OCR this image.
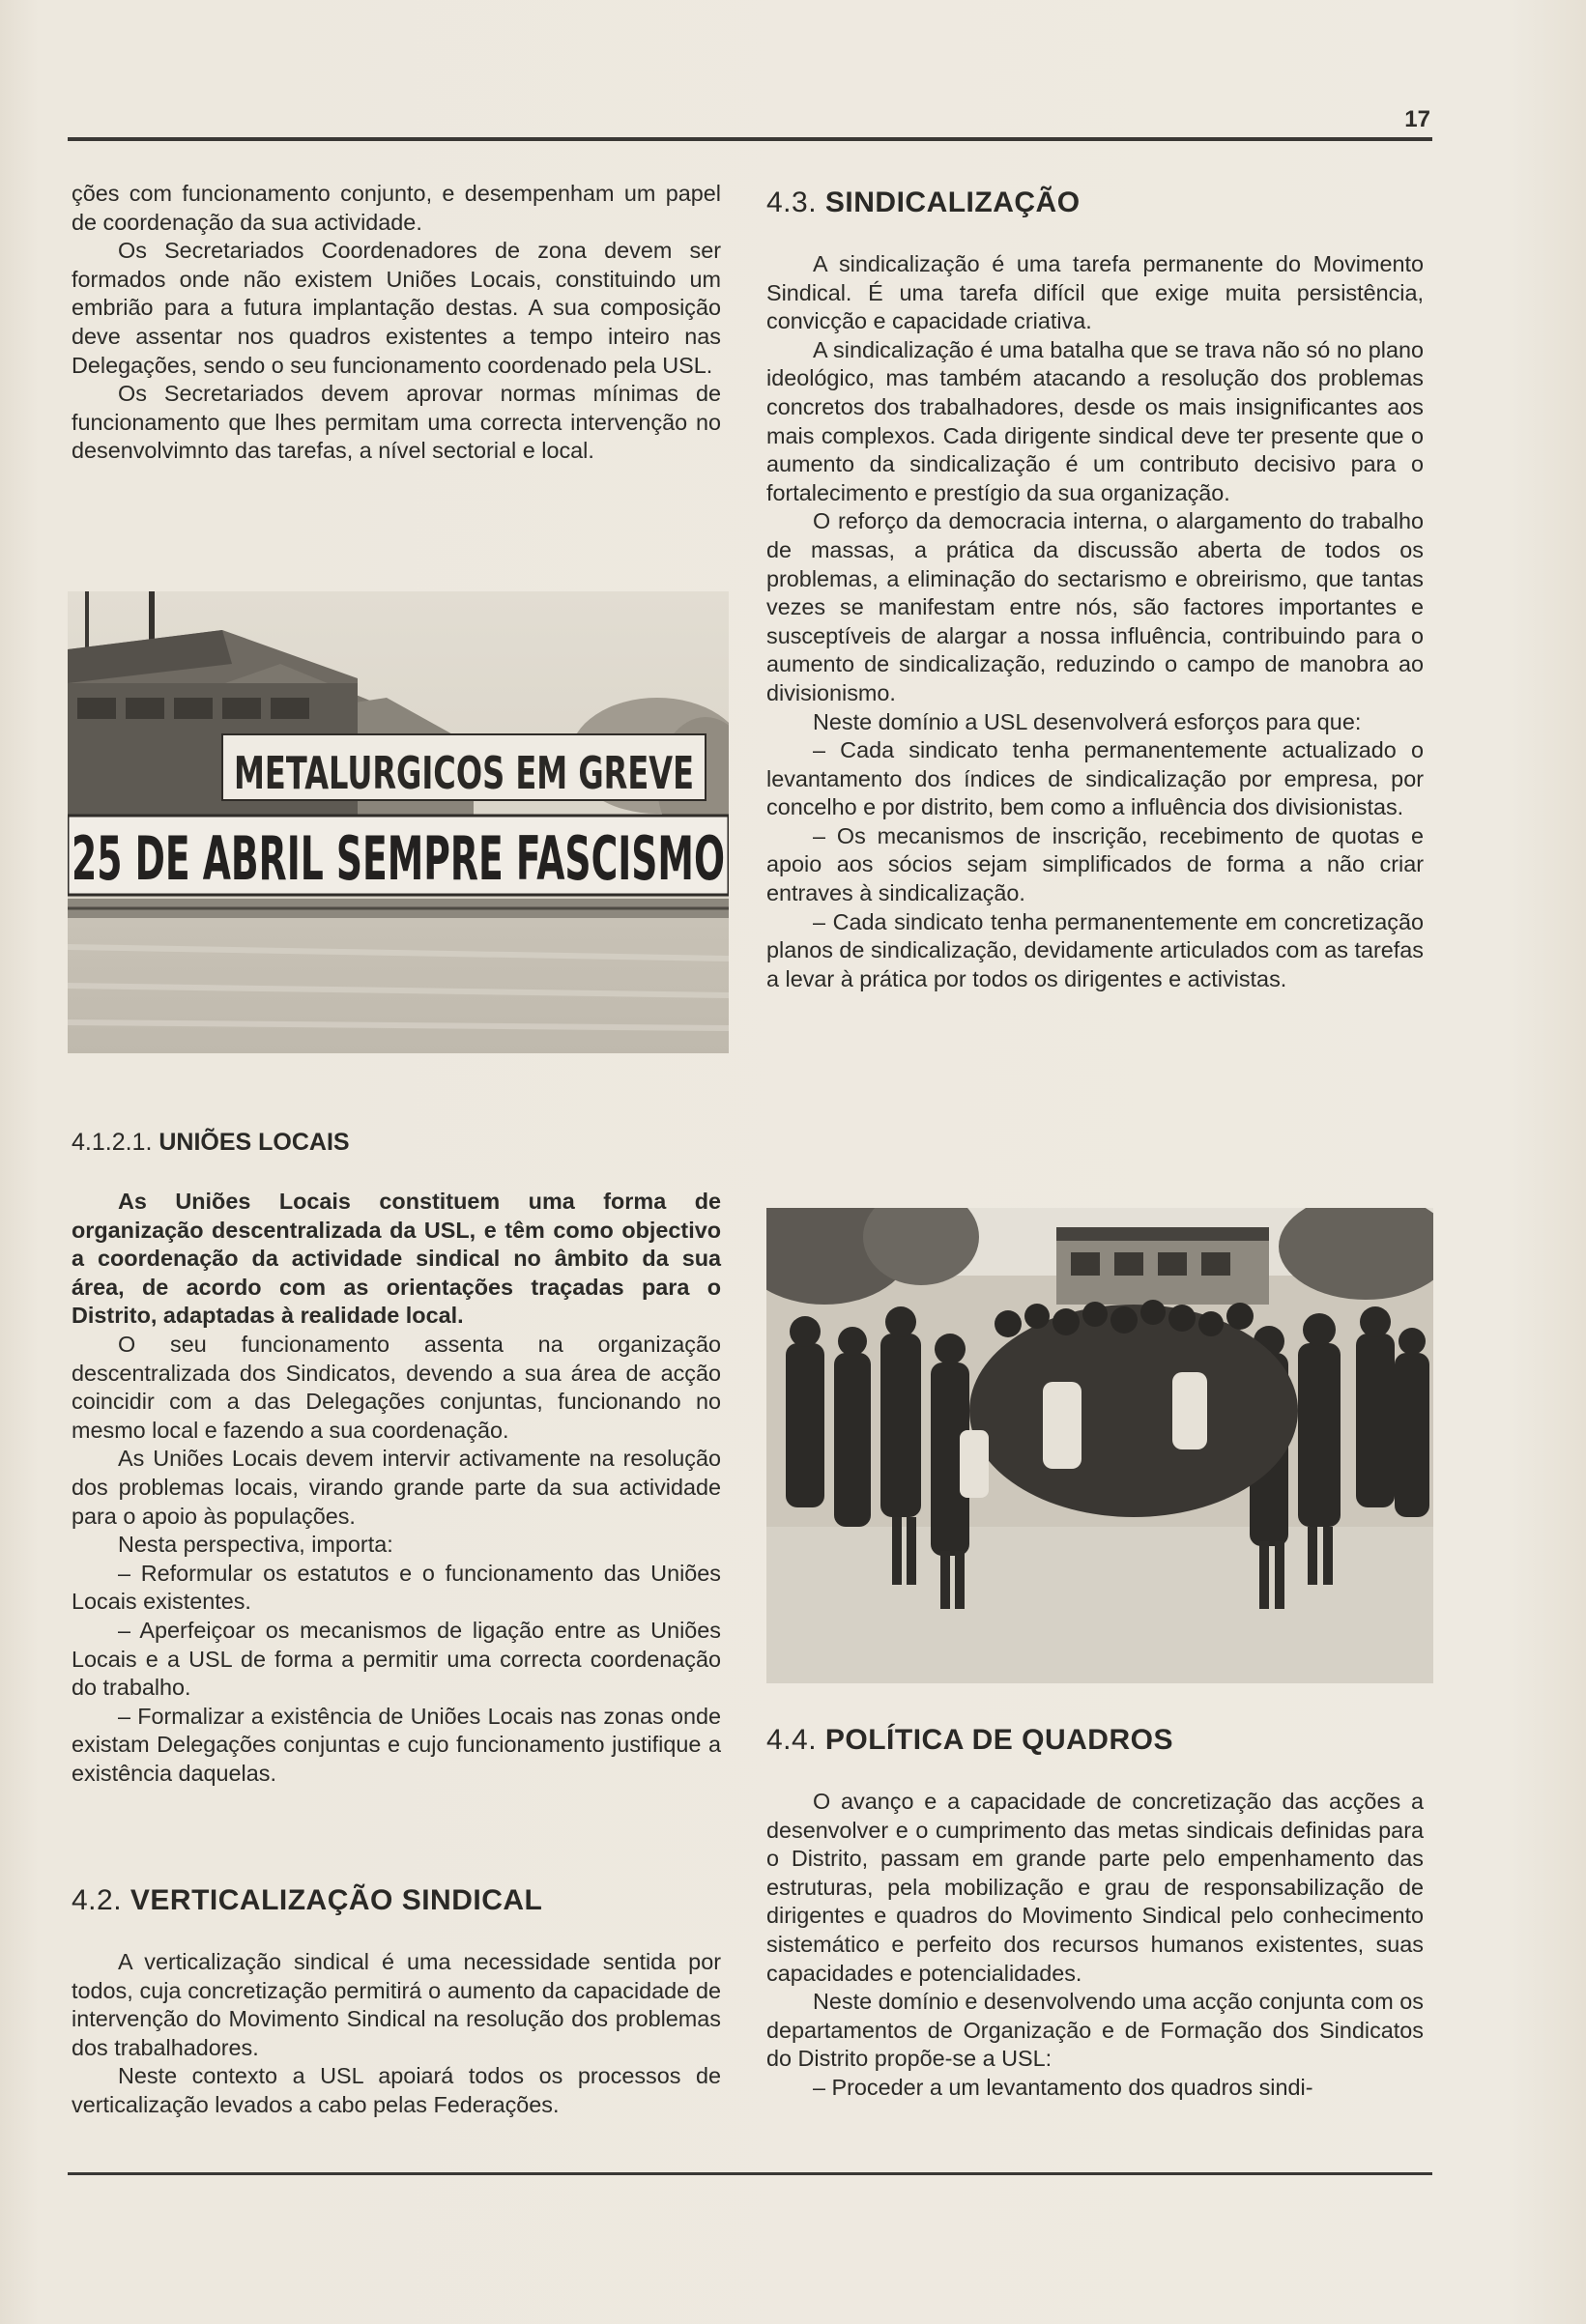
17

ções com funcionamento conjunto, e desempenham um papel de coordenação da sua actividade.

Os Secretariados Coordenadores de zona devem ser formados onde não existem Uniões Locais, constituindo um embrião para a futura implantação destas. A sua composição deve assentar nos quadros existentes a tempo inteiro nas Delegações, sendo o seu funcionamento coordenado pela USL.

Os Secretariados devem aprovar normas mínimas de funcionamento que lhes permitam uma correcta intervenção no desenvolvimnto das tarefas, a nível sectorial e local.

METALURGICOS EM GREVE
25 DE ABRIL SEMPRE FASCISMO
4.1.2.1. UNIÕES LOCAIS

As Uniões Locais constituem uma forma de organização descentralizada da USL, e têm como objectivo a coordenação da actividade sindical no âmbito da sua área, de acordo com as orientações traçadas para o Distrito, adaptadas à realidade local.

O seu funcionamento assenta na organização descentralizada dos Sindicatos, devendo a sua área de acção coincidir com a das Delegações conjuntas, funcionando no mesmo local e fazendo a sua coordenação.

As Uniões Locais devem intervir activamente na resolução dos problemas locais, virando grande parte da sua actividade para o apoio às populações.

Nesta perspectiva, importa:

– Reformular os estatutos e o funcionamento das Uniões Locais existentes.

– Aperfeiçoar os mecanismos de ligação entre as Uniões Locais e a USL de forma a permitir uma correcta coordenação do trabalho.

– Formalizar a existência de Uniões Locais nas zonas onde existam Delegações conjuntas e cujo funcionamento justifique a existência daquelas.

4.2. VERTICALIZAÇÃO SINDICAL

A verticalização sindical é uma necessidade sentida por todos, cuja concretização permitirá o aumento da capacidade de intervenção do Movimento Sindical na resolução dos problemas dos trabalhadores.

Neste contexto a USL apoiará todos os processos de verticalização levados a cabo pelas Federações.

4.3. SINDICALIZAÇÃO

A sindicalização é uma tarefa permanente do Movimento Sindical. É uma tarefa difícil que exige muita persistência, convicção e capacidade criativa.

A sindicalização é uma batalha que se trava não só no plano ideológico, mas também atacando a resolução dos problemas concretos dos trabalhadores, desde os mais insignificantes aos mais complexos. Cada dirigente sindical deve ter presente que o aumento da sindicalização é um contributo decisivo para o fortalecimento e prestígio da sua organização.

O reforço da democracia interna, o alargamento do trabalho de massas, a prática da discussão aberta de todos os problemas, a eliminação do sectarismo e obreirismo, que tantas vezes se manifestam entre nós, são factores importantes e susceptíveis de alargar a nossa influência, contribuindo para o aumento de sindicalização, reduzindo o campo de manobra ao divisionismo.

Neste domínio a USL desenvolverá esforços para que:

– Cada sindicato tenha permanentemente actualizado o levantamento dos índices de sindicalização por empresa, por concelho e por distrito, bem como a influência dos divisionistas.

– Os mecanismos de inscrição, recebimento de quotas e apoio aos sócios sejam simplificados de forma a não criar entraves à sindicalização.

– Cada sindicato tenha permanentemente em concretização planos de sindicalização, devidamente articulados com as tarefas a levar à prática por todos os dirigentes e activistas.

4.4. POLÍTICA DE QUADROS

O avanço e a capacidade de concretização das acções a desenvolver e o cumprimento das metas sindicais definidas para o Distrito, passam em grande parte pelo empenhamento das estruturas, pela mobilização e grau de responsabilização de dirigentes e quadros do Movimento Sindical pelo conhecimento sistemático e perfeito dos recursos humanos existentes, suas capacidades e potencialidades.

Neste domínio e desenvolvendo uma acção conjunta com os departamentos de Organização e de Formação dos Sindicatos do Distrito propõe-se a USL:

– Proceder a um levantamento dos quadros sindi-
